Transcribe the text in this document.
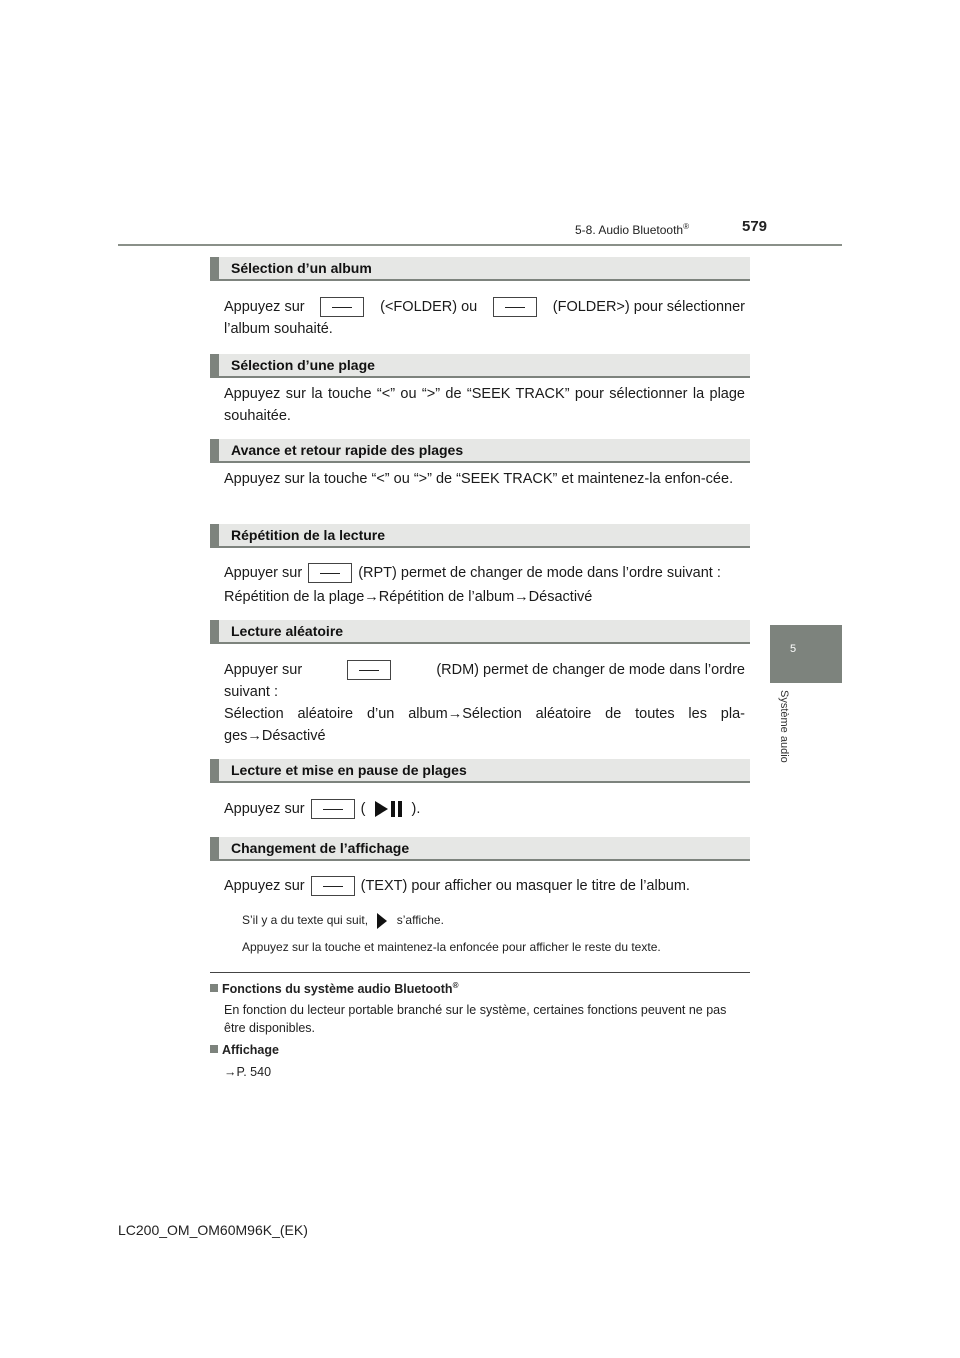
5-8. Audio Bluetooth®	579
5
Système audio
Sélection d’un album
Appuyez sur	(<FOLDER) ou	(FOLDER>) pour sélectionner
l’album souhaité.
Sélection d’une plage
Appuyez sur la touche “<” ou “>” de “SEEK TRACK” pour sélectionner la plage souhaitée.
Avance et retour rapide des plages
Appuyez sur la touche “<” ou “>” de “SEEK TRACK” et maintenez-la enfon-cée.
Répétition de la lecture
Appuyer sur	(RPT) permet de changer de mode dans l’ordre suivant :
Répétition de la plage→Répétition de l’album→Désactivé
Lecture aléatoire
Appuyer sur	(RDM) permet de changer de mode dans l’ordre
suivant :
Sélection aléatoire d’un album→Sélection aléatoire de toutes les pla-ges→Désactivé
Lecture et mise en pause de plages
Appuyez sur	(	).
Changement de l’affichage
Appuyez sur	(TEXT) pour afficher ou masquer le titre de l’album.
S’il y a du texte qui suit, s’affiche.
Appuyez sur la touche et maintenez-la enfoncée pour afficher le reste du texte.
Fonctions du système audio Bluetooth®
En fonction du lecteur portable branché sur le système, certaines fonctions peuvent ne pas être disponibles.
Affichage
→P. 540
LC200_OM_OM60M96K_(EK)
